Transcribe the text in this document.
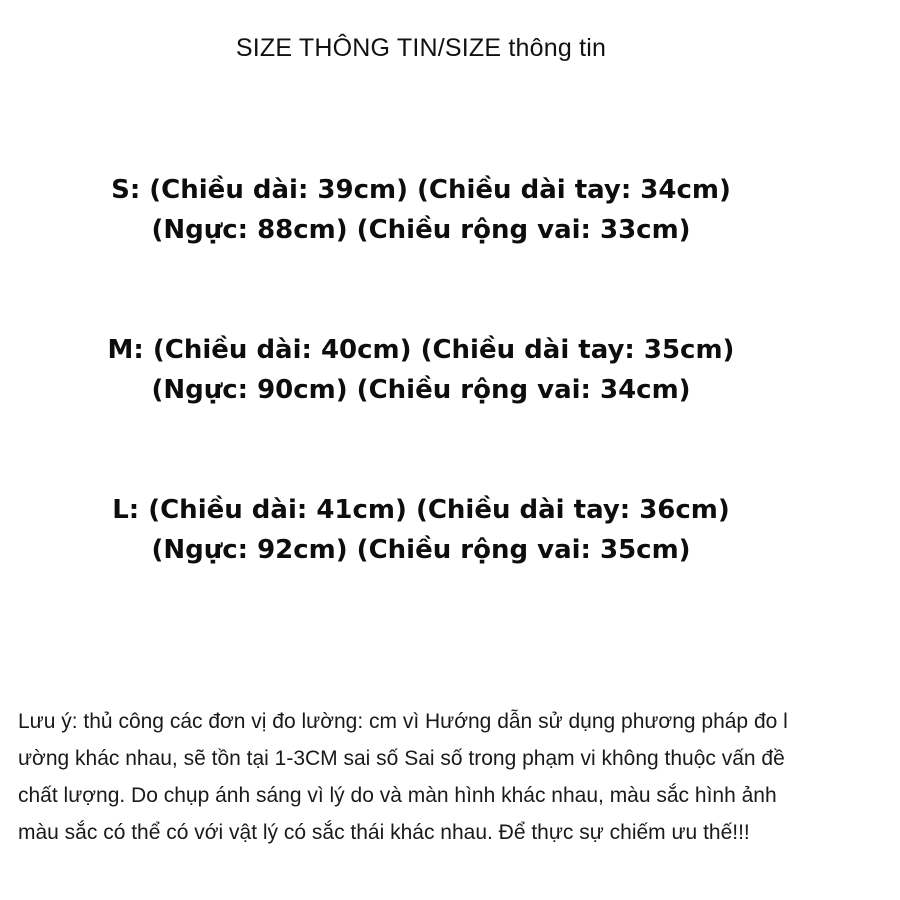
SIZE THÔNG TIN/SIZE thông tin
S: (Chiều dài: 39cm) (Chiều dài tay: 34cm)
(Ngực: 88cm) (Chiều rộng vai: 33cm)
M: (Chiều dài: 40cm) (Chiều dài tay: 35cm)
(Ngực: 90cm) (Chiều rộng vai: 34cm)
L: (Chiều dài: 41cm) (Chiều dài tay: 36cm)
(Ngực: 92cm) (Chiều rộng vai: 35cm)
Lưu ý: thủ công các đơn vị đo lường: cm vì Hướng dẫn sử dụng phương pháp đo l
ường khác nhau, sẽ tồn tại 1-3CM sai số Sai số trong phạm vi không thuộc vấn đề
chất lượng. Do chụp ánh sáng vì lý do và màn hình khác nhau, màu sắc hình ảnh
màu sắc có thể có với vật lý có sắc thái khác nhau. Để thực sự chiếm ưu thế!!!
